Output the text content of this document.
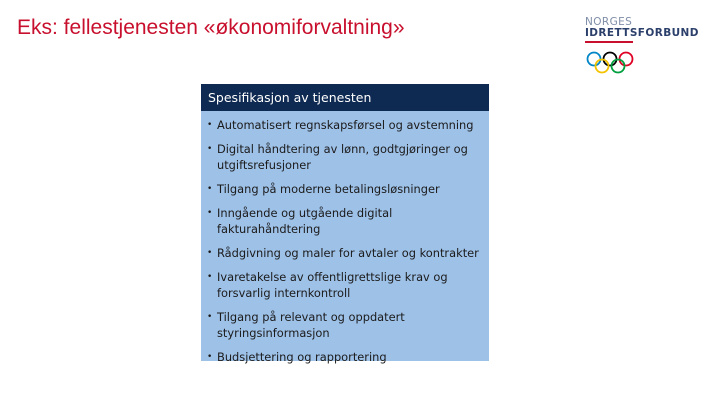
Eks: fellestjenesten «økonomiforvaltning»	NORGES
IDRETTSFORBUND
Spesifikasjon av tjenesten
• Automatisert regnskapsførsel og avstemning
• Digital håndtering av lønn, godtgjøringer og utgiftsrefusjoner
• Tilgang på moderne betalingsløsninger
• Inngående og utgående digital fakturahåndtering
• Rådgivning og maler for avtaler og kontrakter
• Ivaretakelse av offentligrettslige krav og forsvarlig internkontroll
• Tilgang på relevant og oppdatert styringsinformasjon
• Budsjettering og rapportering
